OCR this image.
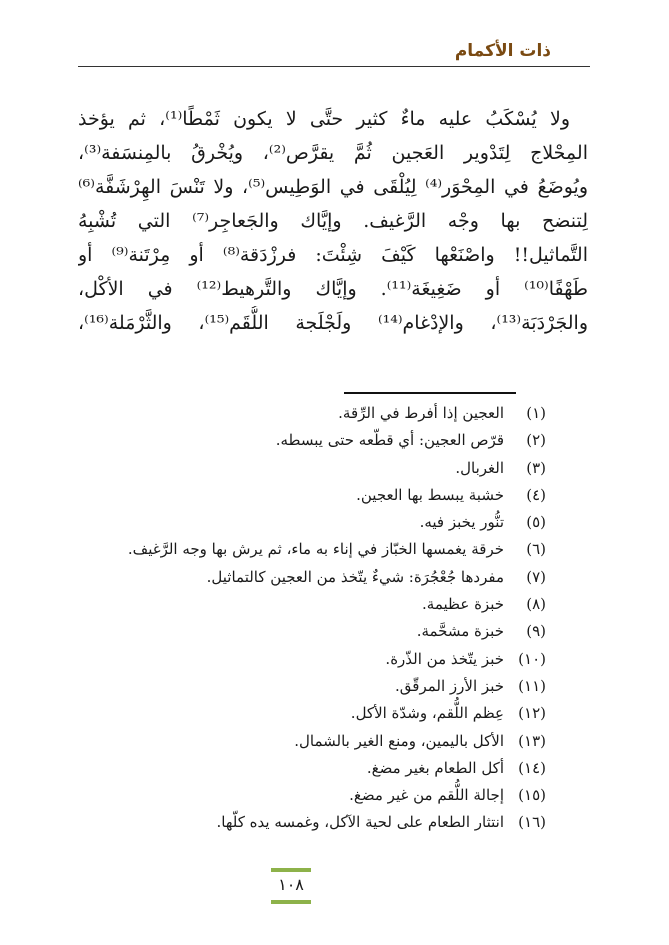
ذات الأكمام
ولا يُسْكَبُ عليه ماءٌ كثير حتَّى لا يكون ثَمْطًا⁽¹⁾، ثم يؤخذ
المِحْلاج لِتَدْوير العَجين ثُمَّ يقرَّص⁽²⁾، ويُخْرقُ بالمِنسَفة⁽³⁾،
ويُوضَعُ في المِحْوَر⁽⁴⁾ لِيُلْقَى في الوَطِيس⁽⁵⁾، ولا تَنْسَ الهِرْشَفَّة⁽⁶⁾
لِتنضح بها وجْه الرَّغيف. وإيَّاك والجَعاجِر⁽⁷⁾ التي تُشْبِهُ
التَّماثيل!! واصْنَعْها كَيْفَ شِئْتَ: فرزْدَقة⁽⁸⁾ أو مِرْتَنة⁽⁹⁾ أو
طَهْفًا⁽¹⁰⁾ أو ضَغِيغَة⁽¹¹⁾. وإيَّاك والتَّرهيط⁽¹²⁾ في الأكْل،
والجَرْدَبَة⁽¹³⁾، والإدْغام⁽¹⁴⁾ ولَجْلَجة اللُّقَم⁽¹⁵⁾، والثَّرْمَلة⁽¹⁶⁾،
(١)
العجين إذا أفرط في الرِّقة.
(٢)
قرّص العجين: أي قطّعه حتى يبسطه.
(٣)
الغربال.
(٤)
خشبة يبسط بها العجين.
(٥)
تنُّور يخبز فيه.
(٦)
خرقة يغمسها الخبّاز في إناء به ماء، ثم يرش بها وجه الرَّغيف.
(٧)
مفردها جُعْجُرَة: شيءٌ يتّخذ من العجين كالتماثيل.
(٨)
خبزة عظيمة.
(٩)
خبزة مشحَّمة.
(١٠)
خبز يتّخذ من الذّرة.
(١١)
خبز الأرز المرقّق.
(١٢)
عِظم اللُّقم، وشدّة الأكل.
(١٣)
الأكل باليمين، ومنع الغير بالشمال.
(١٤)
أكل الطعام بغير مضغ.
(١٥)
إجالة اللُّقم من غير مضغ.
(١٦)
انتثار الطعام على لحية الآكل، وغمسه يده كلّها.
١٠٨
